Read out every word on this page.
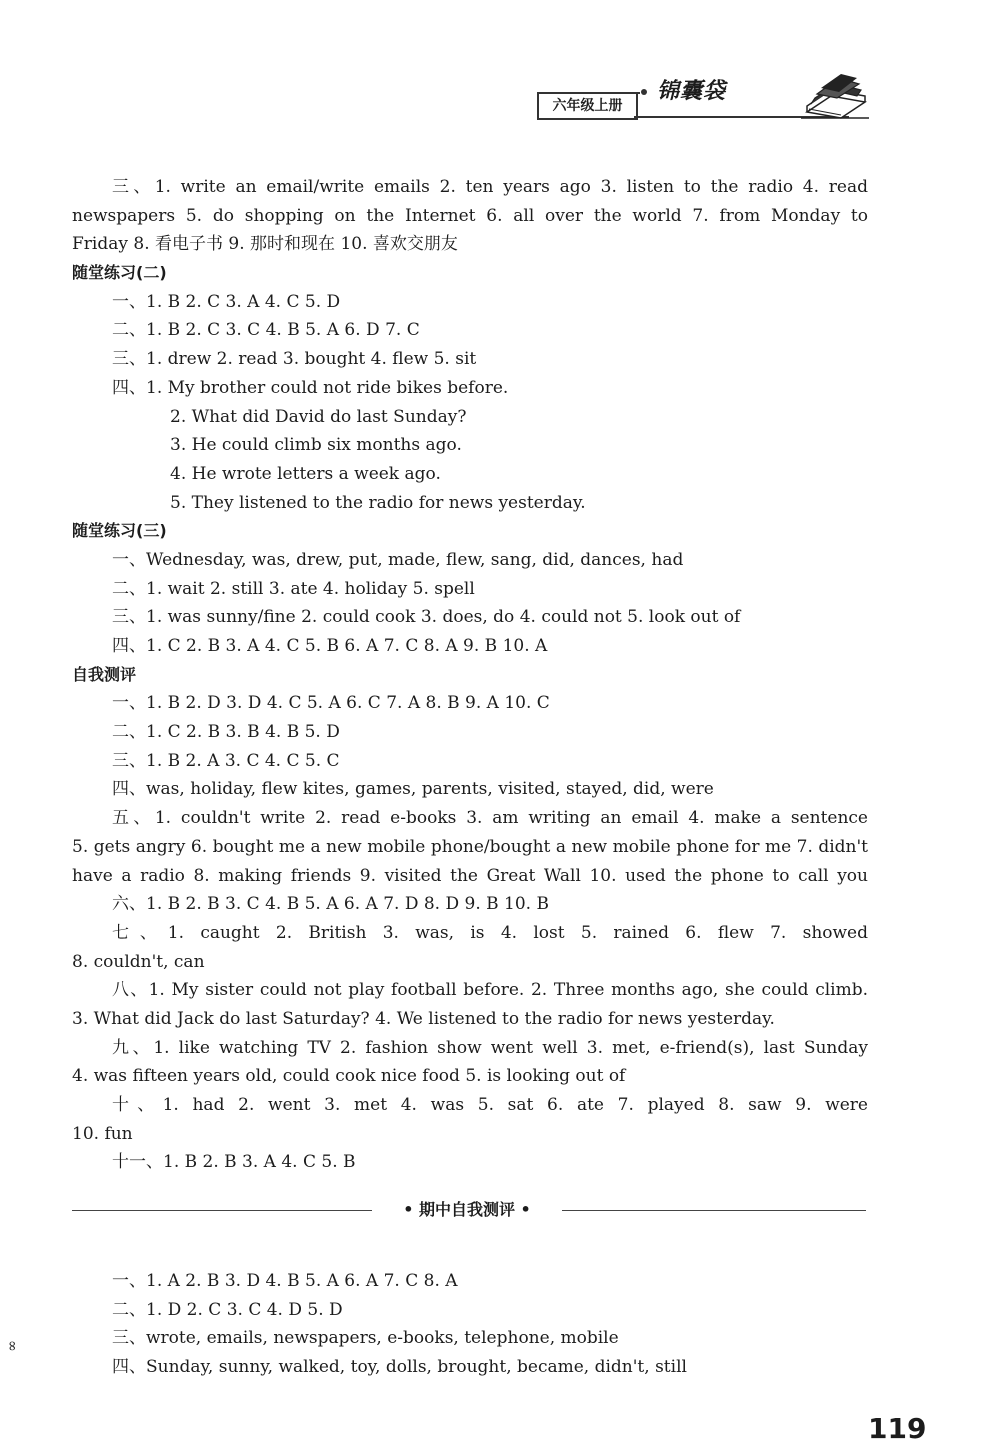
六年级上册
锦囊袋
三、1. write an email/write emails 2. ten years ago 3. listen to the radio 4. read
newspapers 5. do shopping on the Internet 6. all over the world 7. from Monday to
Friday 8. 看电子书 9. 那时和现在 10. 喜欢交朋友
随堂练习(二)
一、1. B 2. C 3. A 4. C 5. D
二、1. B 2. C 3. C 4. B 5. A 6. D 7. C
三、1. drew 2. read 3. bought 4. flew 5. sit
四、1. My brother could not ride bikes before.
2. What did David do last Sunday?
3. He could climb six months ago.
4. He wrote letters a week ago.
5. They listened to the radio for news yesterday.
随堂练习(三)
一、Wednesday, was, drew, put, made, flew, sang, did, dances, had
二、1. wait 2. still 3. ate 4. holiday 5. spell
三、1. was sunny/fine 2. could cook 3. does, do 4. could not 5. look out of
四、1. C 2. B 3. A 4. C 5. B 6. A 7. C 8. A 9. B 10. A
自我测评
一、1. B 2. D 3. D 4. C 5. A 6. C 7. A 8. B 9. A 10. C
二、1. C 2. B 3. B 4. B 5. D
三、1. B 2. A 3. C 4. C 5. C
四、was, holiday, flew kites, games, parents, visited, stayed, did, were
五、1. couldn't write 2. read e-books 3. am writing an email 4. make a sentence
5. gets angry 6. bought me a new mobile phone/bought a new mobile phone for me 7. didn't
have a radio 8. making friends 9. visited the Great Wall 10. used the phone to call you
六、1. B 2. B 3. C 4. B 5. A 6. A 7. D 8. D 9. B 10. B
七、1. caught 2. British 3. was, is 4. lost 5. rained 6. flew 7. showed
8. couldn't, can
八、1. My sister could not play football before. 2. Three months ago, she could climb.
3. What did Jack do last Saturday? 4. We listened to the radio for news yesterday.
九、1. like watching TV 2. fashion show went well 3. met, e-friend(s), last Sunday
4. was fifteen years old, could cook nice food 5. is looking out of
十、1. had 2. went 3. met 4. was 5. sat 6. ate 7. played 8. saw 9. were
10. fun
十一、1. B 2. B 3. A 4. C 5. B
• 期中自我测评 •
一、1. A 2. B 3. D 4. B 5. A 6. A 7. C 8. A
二、1. D 2. C 3. C 4. D 5. D
三、wrote, emails, newspapers, e-books, telephone, mobile
四、Sunday, sunny, walked, toy, dolls, brought, became, didn't, still
119
∞
